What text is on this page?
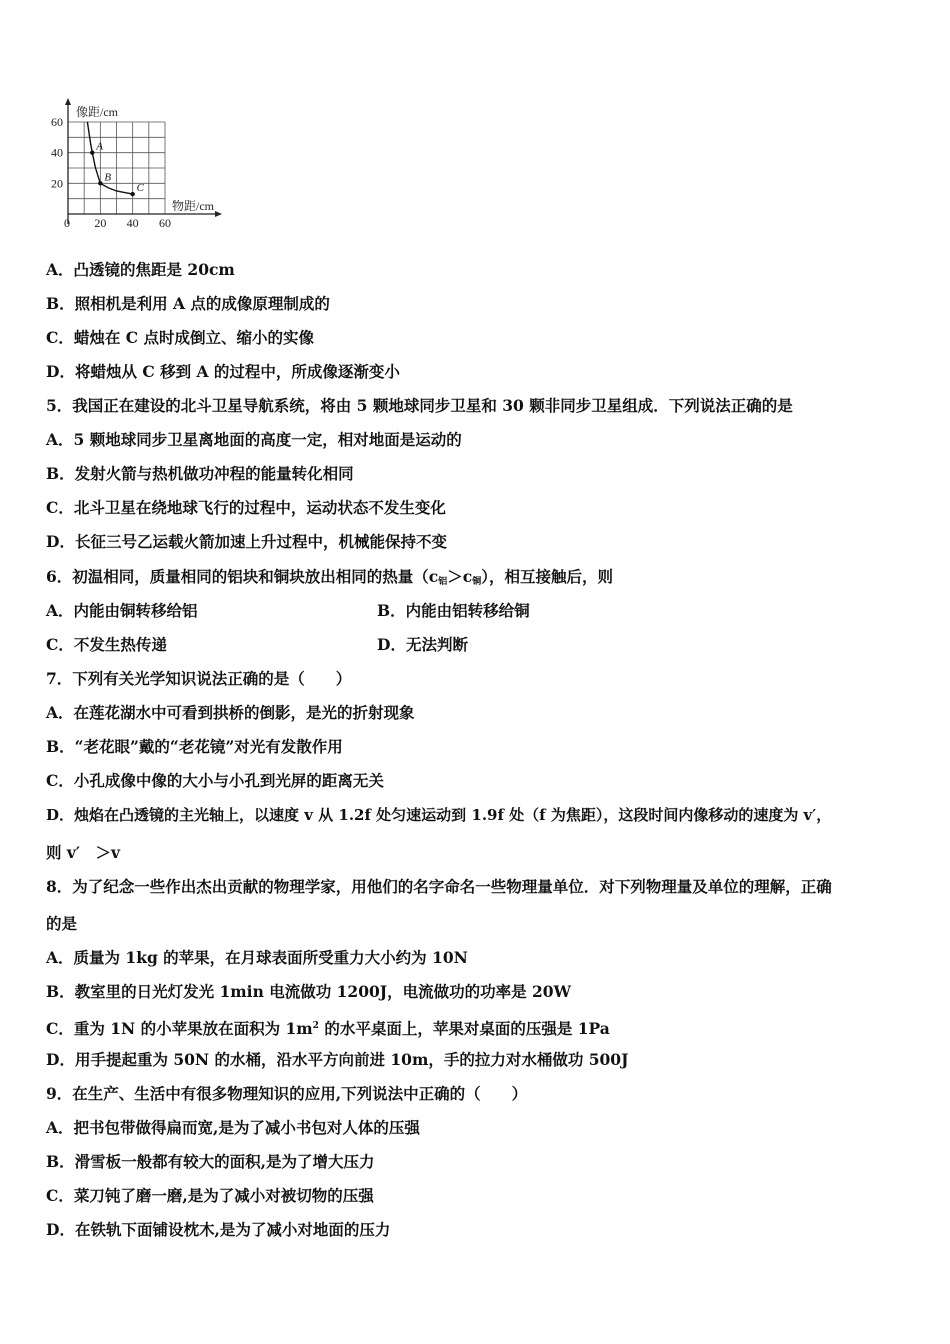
A
B
C
0 20 40 60
20
40
60
像距/cm
物距/cm
A．凸透镜的焦距是 20cm
B．照相机是利用 A 点的成像原理制成的
C．蜡烛在 C 点时成倒立、缩小的实像
D．将蜡烛从 C 移到 A 的过程中，所成像逐渐变小
5．我国正在建设的北斗卫星导航系统，将由 5 颗地球同步卫星和 30 颗非同步卫星组成．下列说法正确的是
A．5 颗地球同步卫星离地面的高度一定，相对地面是运动的
B．发射火箭与热机做功冲程的能量转化相同
C．北斗卫星在绕地球飞行的过程中，运动状态不发生变化
D．长征三号乙运载火箭加速上升过程中，机械能保持不变
6．初温相同，质量相同的铝块和铜块放出相同的热量$(c_铝>c_铜)$，相互接触后，则
A．内能由铜转移给铝	B．内能由铝转移给铜
C．不发生热传递	D．无法判断
7．下列有关光学知识说法正确的是（　　）
A．在莲花湖水中可看到拱桥的倒影，是光的折射现象
B．“老花眼”戴的“老花镜”对光有发散作用
C．小孔成像中像的大小与小孔到光屏的距离无关
D．烛焰在凸透镜的主光轴上，以速度 v 从 1.2f 处匀速运动到 1.9f 处（f 为焦距），这段时间内像移动的速度为 v′，
则 v′　＞v
8．为了纪念一些作出杰出贡献的物理学家，用他们的名字命名一些物理量单位．对下列物理量及单位的理解，正确
的是
A．质量为 1kg 的苹果，在月球表面所受重力大小约为 10N
B．教室里的日光灯发光 1min 电流做功 1200J，电流做功的功率是 20W
C．重为 1N 的小苹果放在面积为 $1m^2$ 的水平桌面上，苹果对桌面的压强是 1Pa
D．用手提起重为 50N 的水桶，沿水平方向前进 10m，手的拉力对水桶做功 500J
9．在生产、生活中有很多物理知识的应用,下列说法中正确的（　　）
A．把书包带做得扁而宽,是为了减小书包对人体的压强
B．滑雪板一般都有较大的面积,是为了增大压力
C．菜刀钝了磨一磨,是为了减小对被切物的压强
D．在铁轨下面铺设枕木,是为了减小对地面的压力
